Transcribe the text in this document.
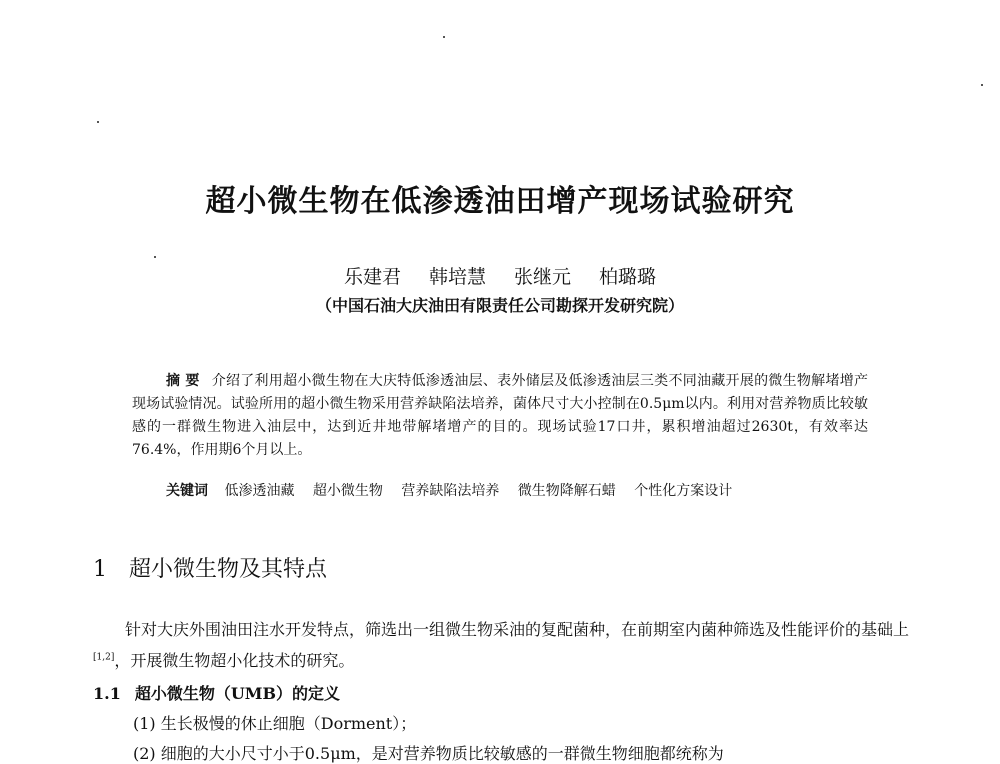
超小微生物在低渗透油田增产现场试验研究
乐建君 韩培慧 张继元 柏璐璐
（中国石油大庆油田有限责任公司勘探开发研究院）
摘 要 介绍了利用超小微生物在大庆特低渗透油层、表外储层及低渗透油层三类不同油藏开展的微生物解堵增产现场试验情况。试验所用的超小微生物采用营养缺陷法培养，菌体尺寸大小控制在0.5μm以内。利用对营养物质比较敏感的一群微生物进入油层中，达到近井地带解堵增产的目的。现场试验17口井，累积增油超过2630t，有效率达76.4%，作用期6个月以上。
关键词 低渗透油藏 超小微生物 营养缺陷法培养 微生物降解石蜡 个性化方案设计
1 超小微生物及其特点
针对大庆外围油田注水开发特点，筛选出一组微生物采油的复配菌种，在前期室内菌种筛选及性能评价的基础上[1,2]，开展微生物超小化技术的研究。
1.1 超小微生物（UMB）的定义
(1) 生长极慢的休止细胞（Dorment）；
(2) 细胞的大小尺寸小于0.5μm，是对营养物质比较敏感的一群微生物细胞都统称为
